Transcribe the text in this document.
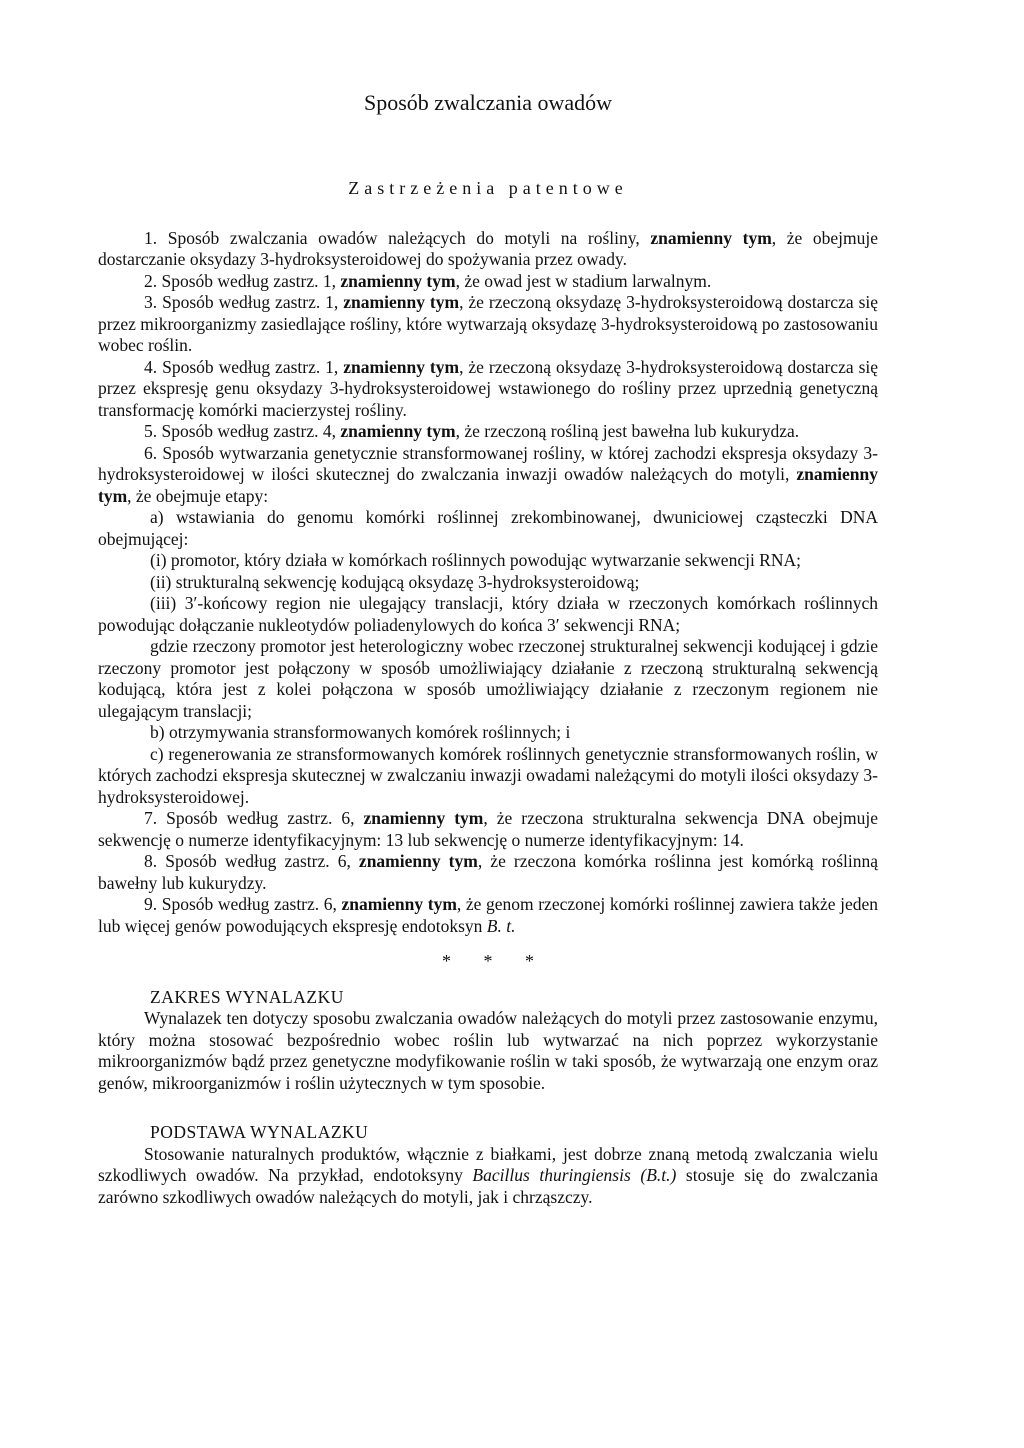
Sposób zwalczania owadów
Zastrzeżenia patentowe

1. Sposób zwalczania owadów należących do motyli na rośliny, znamienny tym, że obejmuje dostarczanie oksydazy 3-hydroksysteroidowej do spożywania przez owady.

2. Sposób według zastrz. 1, znamienny tym, że owad jest w stadium larwalnym.

3. Sposób według zastrz. 1, znamienny tym, że rzeczoną oksydazę 3-hydroksysteroidową dostarcza się przez mikroorganizmy zasiedlające rośliny, które wytwarzają oksydazę 3-hydroksysteroidową po zastosowaniu wobec roślin.

4. Sposób według zastrz. 1, znamienny tym, że rzeczoną oksydazę 3-hydroksysteroidową dostarcza się przez ekspresję genu oksydazy 3-hydroksysteroidowej wstawionego do rośliny przez uprzednią genetyczną transformację komórki macierzystej rośliny.

5. Sposób według zastrz. 4, znamienny tym, że rzeczoną rośliną jest bawełna lub kukurydza.

6. Sposób wytwarzania genetycznie stransformowanej rośliny, w której zachodzi ekspresja oksydazy 3-hydroksysteroidowej w ilości skutecznej do zwalczania inwazji owadów należących do motyli, znamienny tym, że obejmuje etapy:

a) wstawiania do genomu komórki roślinnej zrekombinowanej, dwuniciowej cząsteczki DNA obejmującej:

(i) promotor, który działa w komórkach roślinnych powodując wytwarzanie sekwencji RNA;

(ii) strukturalną sekwencję kodującą oksydazę 3-hydroksysteroidową;

(iii) 3′-końcowy region nie ulegający translacji, który działa w rzeczonych komórkach roślinnych powodując dołączanie nukleotydów poliadenylowych do końca 3′ sekwencji RNA;

gdzie rzeczony promotor jest heterologiczny wobec rzeczonej strukturalnej sekwencji kodującej i gdzie rzeczony promotor jest połączony w sposób umożliwiający działanie z rzeczoną strukturalną sekwencją kodującą, która jest z kolei połączona w sposób umożliwiający działanie z rzeczonym regionem nie ulegającym translacji;

b) otrzymywania stransformowanych komórek roślinnych; i

c) regenerowania ze stransformowanych komórek roślinnych genetycznie stransformowanych roślin, w których zachodzi ekspresja skutecznej w zwalczaniu inwazji owadami należącymi do motyli ilości oksydazy 3-hydroksysteroidowej.

7. Sposób według zastrz. 6, znamienny tym, że rzeczona strukturalna sekwencja DNA obejmuje sekwencję o numerze identyfikacyjnym: 13 lub sekwencję o numerze identyfikacyjnym: 14.

8. Sposób według zastrz. 6, znamienny tym, że rzeczona komórka roślinna jest komórką roślinną bawełny lub kukurydzy.

9. Sposób według zastrz. 6, znamienny tym, że genom rzeczonej komórki roślinnej zawiera także jeden lub więcej genów powodujących ekspresję endotoksyn B. t.

* * *

ZAKRES WYNALAZKU

Wynalazek ten dotyczy sposobu zwalczania owadów należących do motyli przez zastosowanie enzymu, który można stosować bezpośrednio wobec roślin lub wytwarzać na nich poprzez wykorzystanie mikroorganizmów bądź przez genetyczne modyfikowanie roślin w taki sposób, że wytwarzają one enzym oraz genów, mikroorganizmów i roślin użytecznych w tym sposobie.

PODSTAWA WYNALAZKU

Stosowanie naturalnych produktów, włącznie z białkami, jest dobrze znaną metodą zwalczania wielu szkodliwych owadów. Na przykład, endotoksyny Bacillus thuringiensis (B.t.) stosuje się do zwalczania zarówno szkodliwych owadów należących do motyli, jak i chrząszczy.
